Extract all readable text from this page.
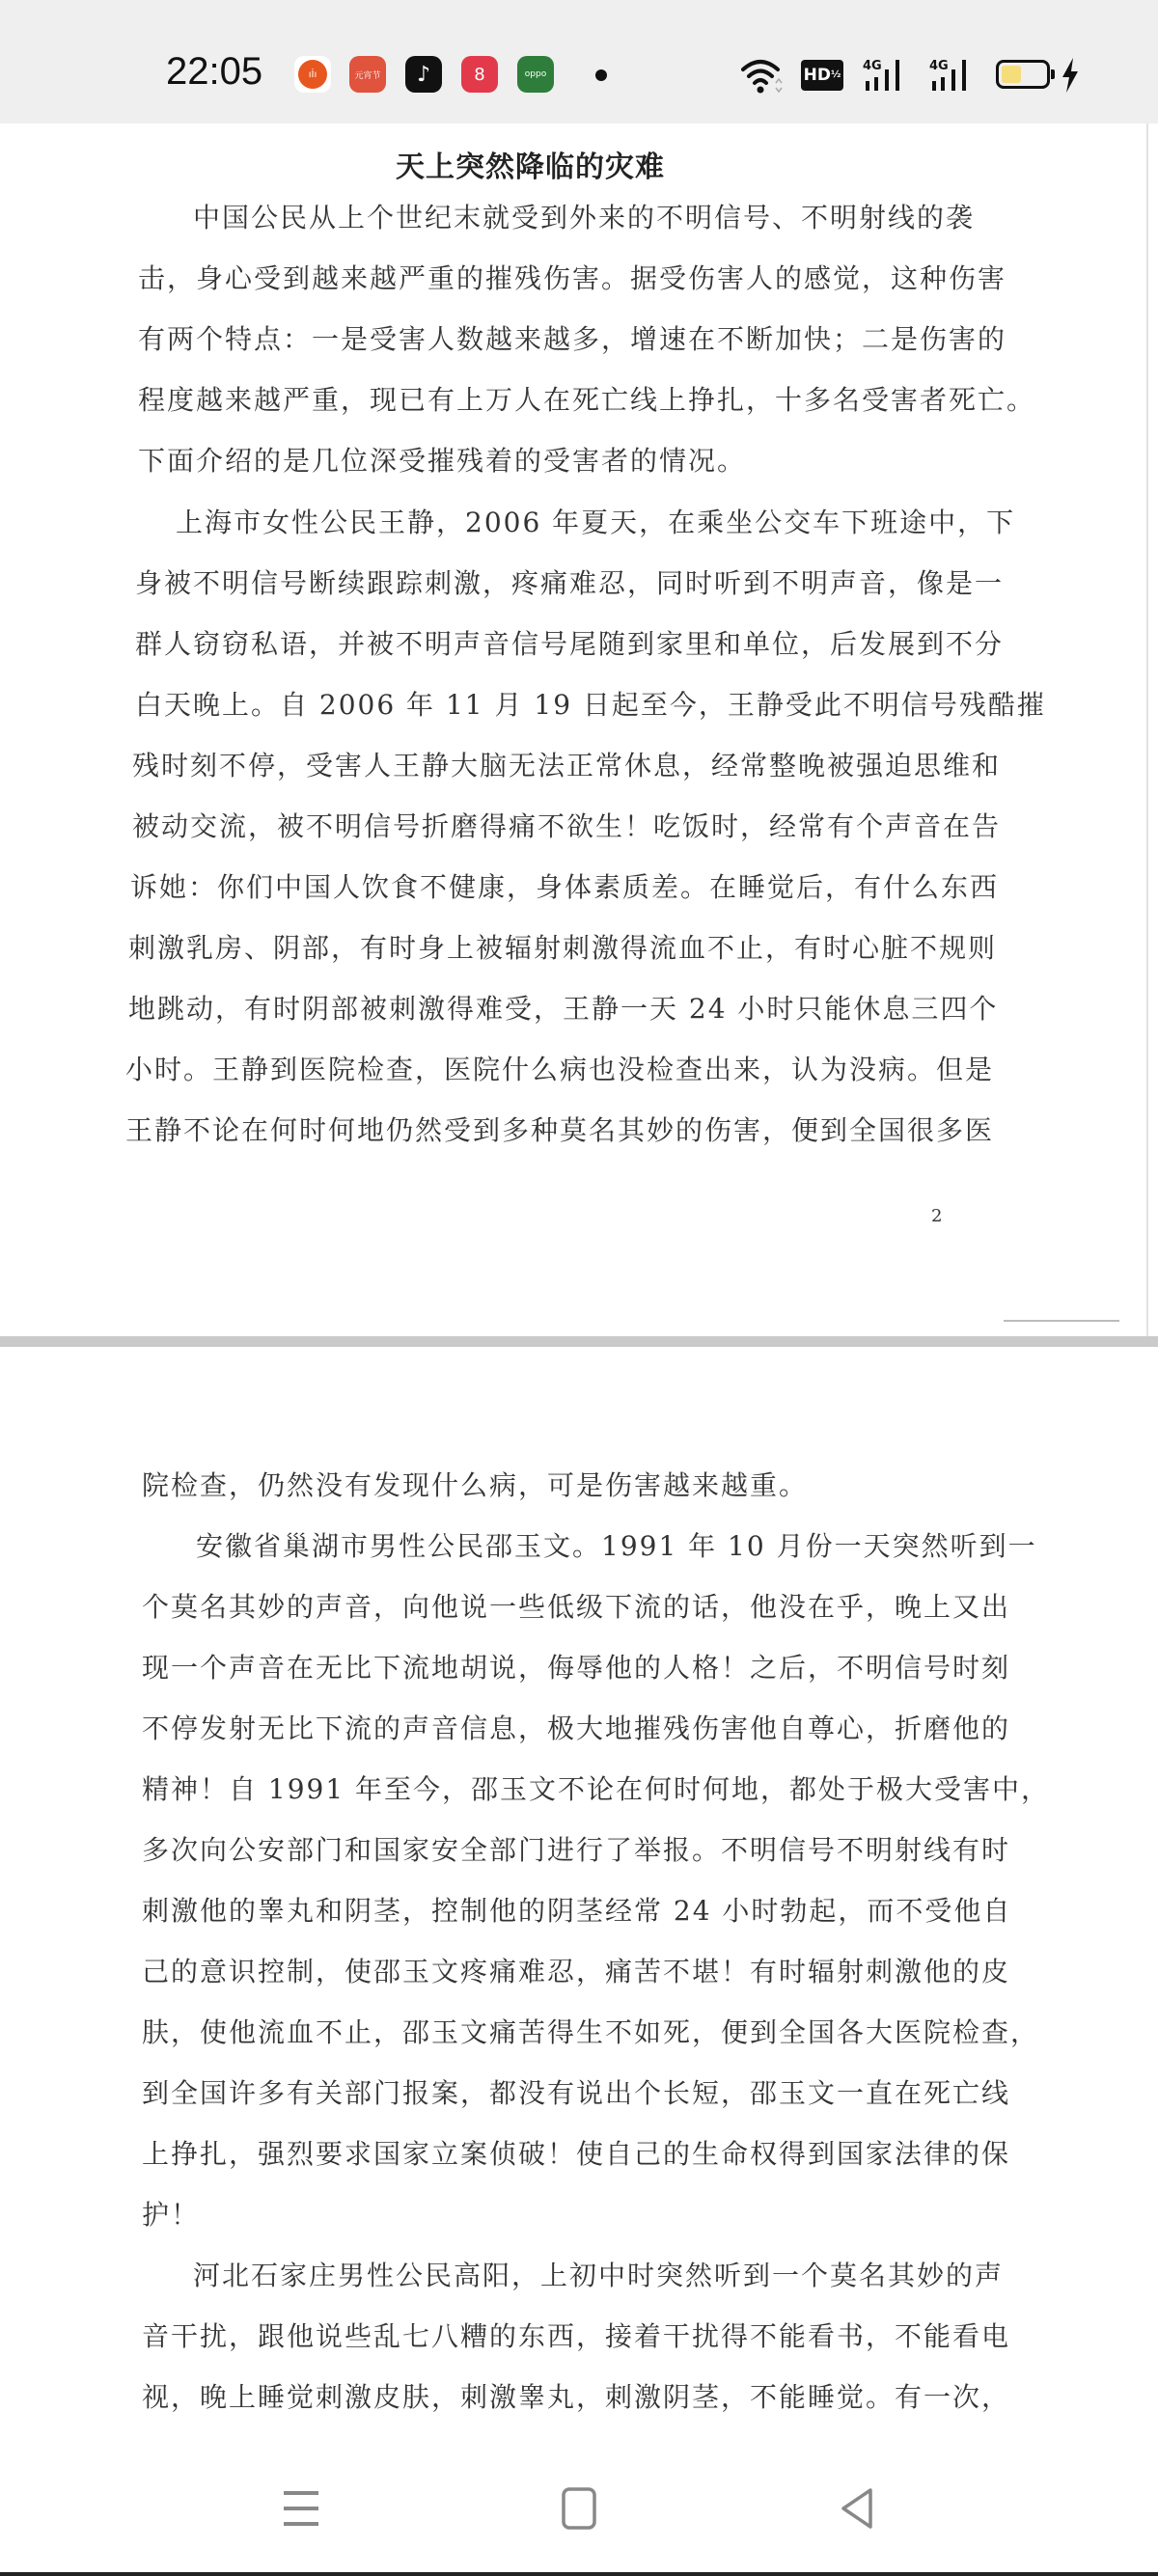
22:05	ıİı	元宵节	♪	8	oppo	HD ½
4G	4G
天上突然降临的灾难
中国公民从上个世纪末就受到外来的不明信号、不明射线的袭
击，身心受到越来越严重的摧残伤害。据受伤害人的感觉，这种伤害
有两个特点：一是受害人数越来越多，增速在不断加快；二是伤害的
程度越来越严重，现已有上万人在死亡线上挣扎，十多名受害者死亡。
下面介绍的是几位深受摧残着的受害者的情况。
上海市女性公民王静，2006 年夏天，在乘坐公交车下班途中，下
身被不明信号断续跟踪刺激，疼痛难忍，同时听到不明声音，像是一
群人窃窃私语，并被不明声音信号尾随到家里和单位，后发展到不分
白天晚上。自 2006 年 11 月 19 日起至今，王静受此不明信号残酷摧
残时刻不停，受害人王静大脑无法正常休息，经常整晚被强迫思维和
被动交流，被不明信号折磨得痛不欲生！吃饭时，经常有个声音在告
诉她：你们中国人饮食不健康，身体素质差。在睡觉后，有什么东西
刺激乳房、阴部，有时身上被辐射刺激得流血不止，有时心脏不规则
地跳动，有时阴部被刺激得难受，王静一天 24 小时只能休息三四个
小时。王静到医院检查，医院什么病也没检查出来，认为没病。但是
王静不论在何时何地仍然受到多种莫名其妙的伤害，便到全国很多医
2
院检查，仍然没有发现什么病，可是伤害越来越重。
安徽省巢湖市男性公民邵玉文。1991 年 10 月份一天突然听到一
个莫名其妙的声音，向他说一些低级下流的话，他没在乎，晚上又出
现一个声音在无比下流地胡说，侮辱他的人格！之后，不明信号时刻
不停发射无比下流的声音信息，极大地摧残伤害他自尊心，折磨他的
精神！自 1991 年至今，邵玉文不论在何时何地，都处于极大受害中，
多次向公安部门和国家安全部门进行了举报。不明信号不明射线有时
刺激他的睾丸和阴茎，控制他的阴茎经常 24 小时勃起，而不受他自
己的意识控制，使邵玉文疼痛难忍，痛苦不堪！有时辐射刺激他的皮
肤，使他流血不止，邵玉文痛苦得生不如死，便到全国各大医院检查，
到全国许多有关部门报案，都没有说出个长短，邵玉文一直在死亡线
上挣扎，强烈要求国家立案侦破！使自己的生命权得到国家法律的保
护！
河北石家庄男性公民高阳，上初中时突然听到一个莫名其妙的声
音干扰，跟他说些乱七八糟的东西，接着干扰得不能看书，不能看电
视，晚上睡觉刺激皮肤，刺激睾丸，刺激阴茎，不能睡觉。有一次，
